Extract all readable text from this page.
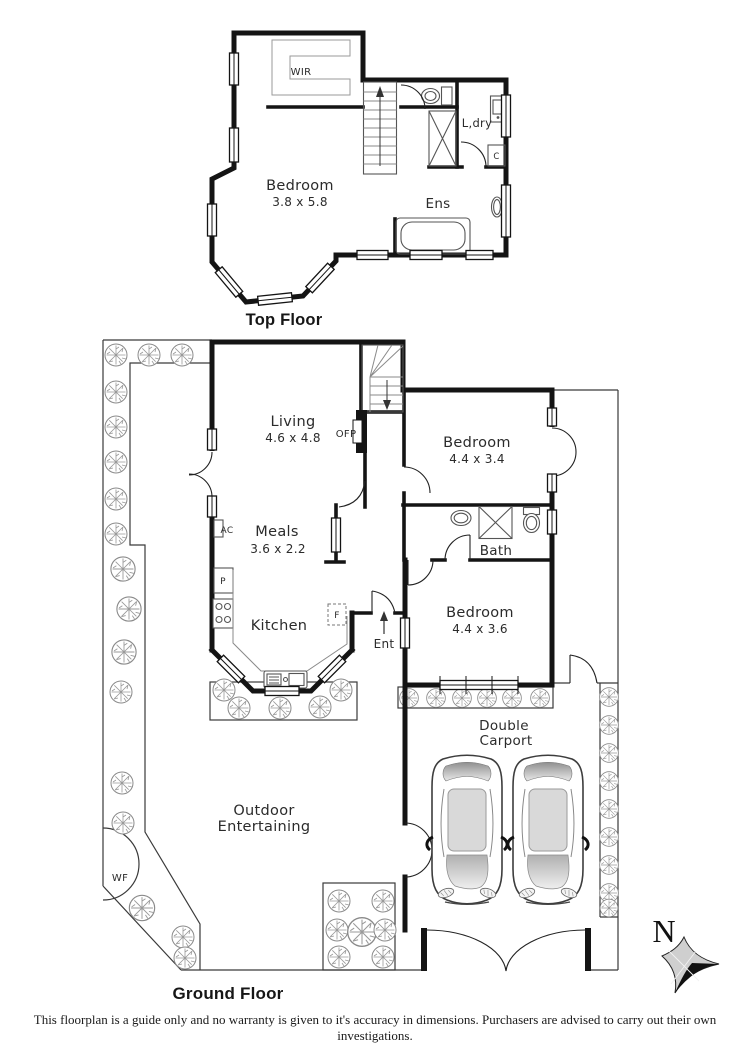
WIR
L,dry
C
Bedroom
3.8 x 5.8	Ens
Top Floor
Living
4.6 x 4.8 OFP
AC Meals
3.6 x 2.2
P
Kitchen
F
Bedroom
4.4 x 3.4
Bath
Bedroom
4.4 x 3.6
Ent
Double
Carport
Outdoor
Entertaining
WF
Ground Floor
N
This floorplan is a guide only and no warranty is given to it's accuracy in dimensions. Purchasers are advised to carry out their own investigations.
